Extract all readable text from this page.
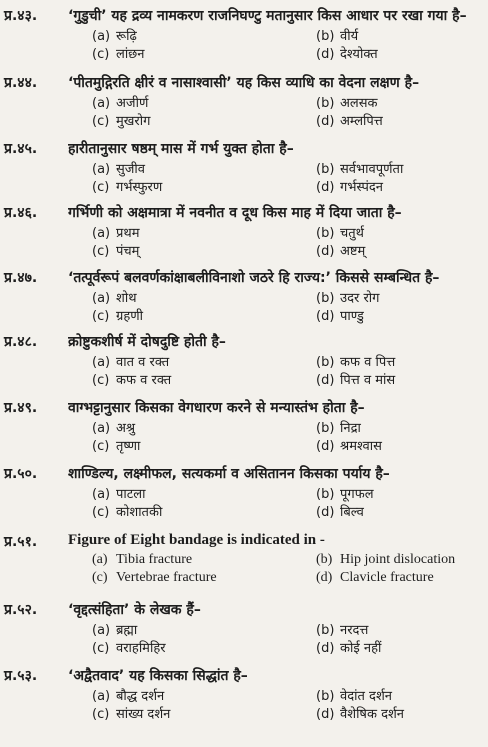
प्र.४३. ‘गुडुची’ यह द्रव्य नामकरण राजनिघण्टु मतानुसार किस आधार पर रखा गया है–
(a) रूढ़ि	(b) वीर्य
(c) लांछन	(d) देश्योक्त
प्र.४४. ‘पीतमुद्गिरति क्षीरं व नासाश्वासी’ यह किस व्याधि का वेदना लक्षण है–
(a) अजीर्ण	(b) अलसक
(c) मुखरोग	(d) अम्लपित्त
प्र.४५. हारीतानुसार षष्ठम् मास में गर्भ युक्त होता है–
(a) सुजीव	(b) सर्वभावपूर्णता
(c) गर्भस्फुरण	(d) गर्भस्पंदन
प्र.४६. गर्भिणी को अक्षमात्रा में नवनीत व दूध किस माह में दिया जाता है–
(a) प्रथम	(b) चतुर्थ
(c) पंचम्	(d) अष्टम्
प्र.४७. ‘तत्पूर्वरूपं बलवर्णकांक्षाबलीविनाशो जठरे हि राज्य:’ किससे सम्बन्धित है–
(a) शोथ	(b) उदर रोग
(c) ग्रहणी	(d) पाण्डु
प्र.४८. क्रोष्टुकशीर्ष में दोषदुष्टि होती है–
(a) वात व रक्त	(b) कफ व पित्त
(c) कफ व रक्त	(d) पित्त व मांस
प्र.४९. वाग्भट्टानुसार किसका वेगधारण करने से मन्यास्तंभ होता है–
(a) अश्रु	(b) निद्रा
(c) तृष्णा	(d) श्रमश्वास
प्र.५०. शाण्डिल्य, लक्ष्मीफल, सत्यकर्मा व असितानन किसका पर्याय है–
(a) पाटला	(b) पूगफल
(c) कोशातकी	(d) बिल्व
प्र.५१. Figure of Eight bandage is indicated in -
(a) Tibia fracture	(b) Hip joint dislocation
(c) Vertebrae fracture	(d) Clavicle fracture
प्र.५२. ‘वृद्दत्संहिता’ के लेखक हैं–
(a) ब्रह्मा	(b) नरदत्त
(c) वराहमिहिर	(d) कोई नहीं
प्र.५३. ‘अद्वैतवाद’ यह किसका सिद्धांत है–
(a) बौद्ध दर्शन	(b) वेदांत दर्शन
(c) सांख्य दर्शन	(d) वैशेषिक दर्शन
